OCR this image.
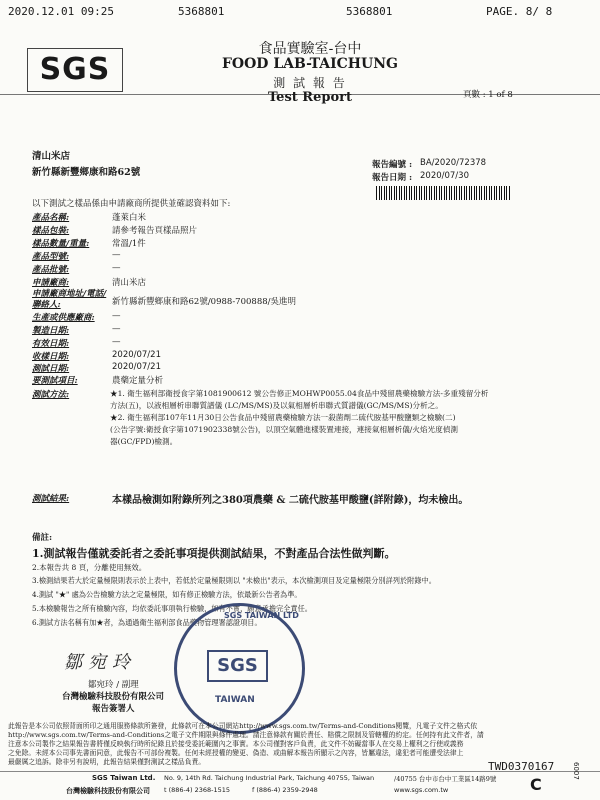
2020.12.01 09:25	5368801	5368801	PAGE. 8/ 8
SGS
食品實驗室-台中
FOOD LAB-TAICHUNG
測 試 報 告
Test Report	頁數 : 1 of 8
清山米店
新竹縣新豐鄉康和路62號
報告編號 : BA/2020/72378
報告日期 : 2020/07/30
以下測試之樣品係由申請廠商所提供並確認資料如下:
產品名稱:	蓬萊白米
樣品包裝:	請參考報告頁樣品照片
樣品數量/重量:	常溫/1件
產品型號:	—
產品批號:	—
申請廠商:	清山米店
申請廠商地址/電話/聯絡人:	新竹縣新豐鄉康和路62號/0988-700888/吳進明
生產或供應廠商:	—
製造日期:	—
有效日期:	—
收樣日期:	2020/07/21
測試日期:	2020/07/21
要測試項目:	農藥定量分析
測試方法:	★1. 衛生福利部衛授食字第1081900612 號公告修正MOHWP0055.04食品中殘留農藥檢驗方法-多重殘留分析
方法(五)，以液相層析串聯質譜儀 (LC/MS/MS)及以氣相層析串聯式質譜儀(GC/MS/MS)分析之。
★2. 衛生福利部107年11月30日公告食品中殘留農藥檢驗方法一殺菌劑二硫代胺基甲酸鹽類之檢驗(二)
(公告字號:衛授食字第1071902338號公告)，以頂空氣體進樣裝置連接，連接氣相層析儀/火焰光度偵測
器(GC/FPD)檢測。
測試結果:	本樣品檢測如附錄所列之380項農藥 & 二硫代胺基甲酸鹽(詳附錄)，均未檢出。
備註:
1.測試報告僅就委託者之委託事項提供測試結果，不對產品合法性做判斷。
2.本報告共 8 頁，分離使用無效。
3.檢測結果若大於定量極限則表示於上表中，若低於定量極限則以 "未檢出"表示，本次檢測項目及定量極限分別詳列於附錄中。
4.測試 "★" 處為公告檢驗方法之定量極限，如有修正檢驗方法，依最新公告者為準。
5.本檢驗報告之所有檢驗內容，均依委託事項執行檢驗，如有不實，願意承擔完全責任。
6.測試方法名稱有加★者，為通過衛生福利部食品藥物管理署認證項目。
鄒宛玲
鄒宛玲 / 副理
台灣檢驗科技股份有限公司
報告簽署人
SGS TAIWAN LTD
SGS
TAIWAN
此報告是本公司依照背面所印之通用服務條款所簽發，此條款可在本公司網站http://www.sgs.com.tw/Terms-and-Conditions閱覽，凡電子文件之格式依
http://www.sgs.com.tw/Terms-and-Conditions之電子文件期限與條件處理。請注意條款有關於責任、賠償之限制及管轄權的約定。任何持有此文件者，請
注意本公司製作之結果報告書將僅反映執行時所紀錄且於接受委託範圍內之事實。本公司僅對客戶負責，此文件不妨礙當事人在交易上權利之行使或義務
之免除。未經本公司事先書面同意，此報告不可部份複製。任何未經授權的變更、偽造、或曲解本報告所顯示之內容，皆屬違法，違犯者可能遭受法律上
最嚴厲之追訴。除非另有說明，此報告結果僅對測試之樣品負責。
SGS Taiwan Ltd.
台灣檢驗科技股份有限公司
No. 9, 14th Rd. Taichung Industrial Park, Taichung 40755, Taiwan	/40755 台中市台中工業區14路9號
t (886-4) 2368-1515	f (886-4) 2359-2948	www.sgs.com.tw
TWD0370167
C
6007
